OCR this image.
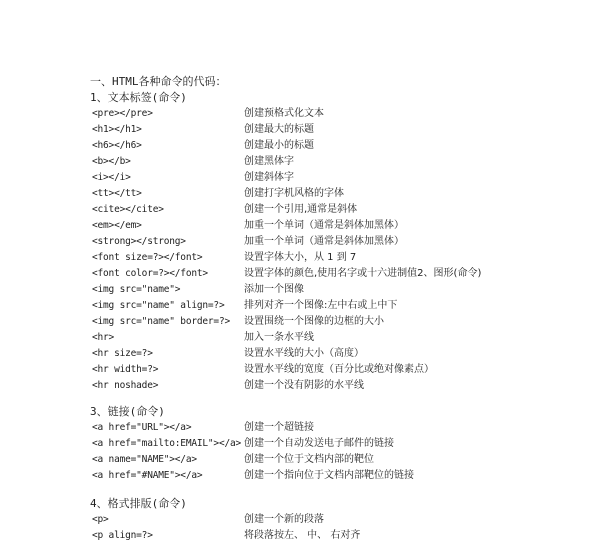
一、HTML各种命令的代码：
1、文本标签(命令)
<pre></pre>	创建预格式化文本
<h1></h1>	创建最大的标题
<h6></h6>	创建最小的标题
<b></b>	创建黑体字
<i></i>	创建斜体字
<tt></tt>	创建打字机风格的字体
<cite></cite>	创建一个引用,通常是斜体
<em></em>	加重一个单词（通常是斜体加黑体）
<strong></strong>	加重一个单词（通常是斜体加黑体）
<font size=?></font>	设置字体大小，从 1 到 7
<font color=?></font>	设置字体的颜色,使用名字或十六进制值2、图形(命令)
<img src="name">	添加一个图像
<img src="name" align=?> 排列对齐一个图像:左中右或上中下
<img src="name" border=?> 设置围绕一个图像的边框的大小
<hr>	加入一条水平线
<hr size=?>	设置水平线的大小（高度）
<hr width=?>	设置水平线的宽度（百分比或绝对像素点）
<hr noshade>	创建一个没有阴影的水平线
3、链接(命令)
<a href="URL"></a>	创建一个超链接
<a href="mailto:EMAIL"></a> 创建一个自动发送电子邮件的链接
<a name="NAME"></a>	创建一个位于文档内部的靶位
<a href="#NAME"></a>	创建一个指向位于文档内部靶位的链接
4、格式排版(命令)
<p>	创建一个新的段落
<p align=?>	将段落按左、 中、 右对齐
